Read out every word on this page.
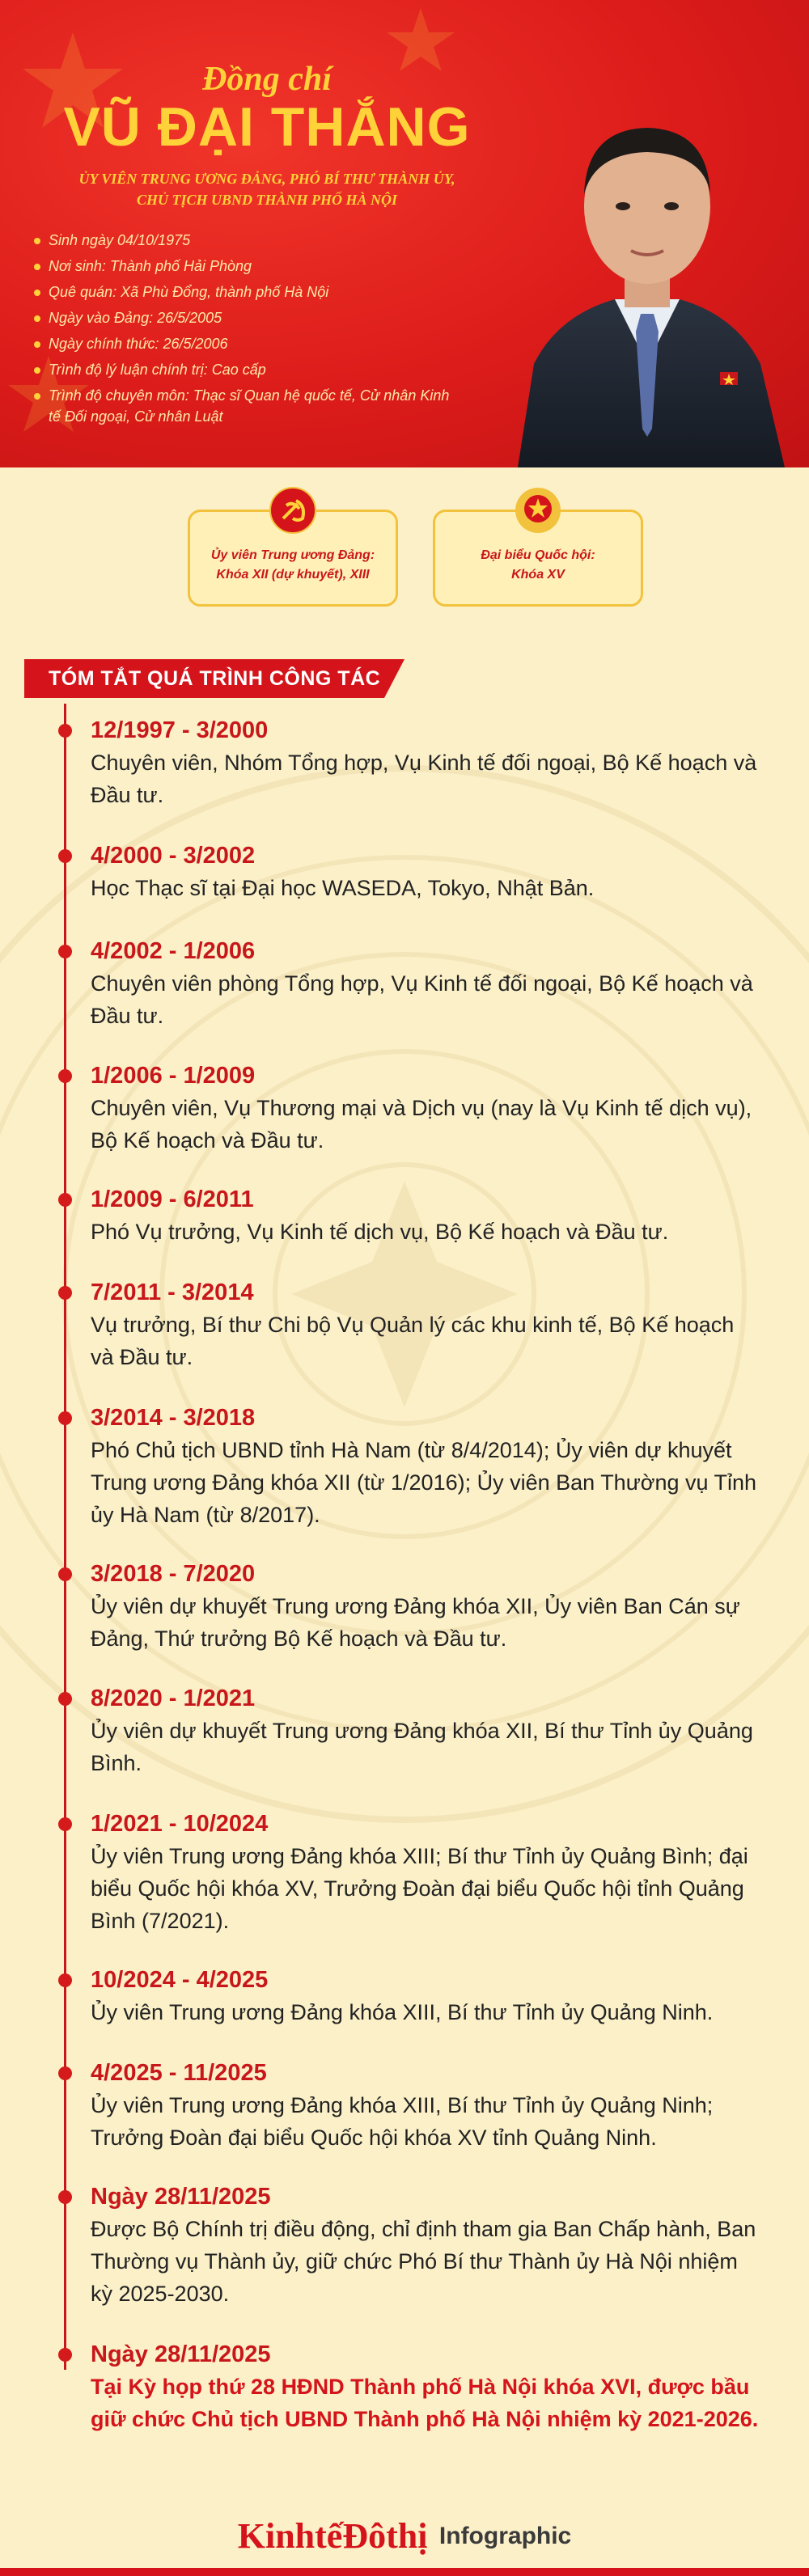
Đồng chí
VŨ ĐẠI THẮNG
ỦY VIÊN TRUNG ƯƠNG ĐẢNG, PHÓ BÍ THƯ THÀNH ỦY,
CHỦ TỊCH UBND THÀNH PHỐ HÀ NỘI
Sinh ngày 04/10/1975
Nơi sinh: Thành phố Hải Phòng
Quê quán: Xã Phù Đổng, thành phố Hà Nội
Ngày vào Đảng: 26/5/2005
Ngày chính thức: 26/5/2006
Trình độ lý luận chính trị: Cao cấp
Trình độ chuyên môn: Thạc sĩ Quan hệ quốc tế, Cử nhân Kinh tế Đối ngoại, Cử nhân Luật
Ủy viên Trung ương Đảng:
Khóa XII (dự khuyết), XIII
Đại biểu Quốc hội:
Khóa XV
TÓM TẮT QUÁ TRÌNH CÔNG TÁC
12/1997 - 3/2000
Chuyên viên, Nhóm Tổng hợp, Vụ Kinh tế đối ngoại, Bộ Kế hoạch và Đầu tư.
4/2000 - 3/2002
Học Thạc sĩ tại Đại học WASEDA, Tokyo, Nhật Bản.
4/2002 - 1/2006
Chuyên viên phòng Tổng hợp, Vụ Kinh tế đối ngoại, Bộ Kế hoạch và Đầu tư.
1/2006 - 1/2009
Chuyên viên, Vụ Thương mại và Dịch vụ (nay là Vụ Kinh tế dịch vụ), Bộ Kế hoạch và Đầu tư.
1/2009 - 6/2011
Phó Vụ trưởng, Vụ Kinh tế dịch vụ, Bộ Kế hoạch và Đầu tư.
7/2011 - 3/2014
Vụ trưởng, Bí thư Chi bộ Vụ Quản lý các khu kinh tế, Bộ Kế hoạch và Đầu tư.
3/2014 - 3/2018
Phó Chủ tịch UBND tỉnh Hà Nam (từ 8/4/2014); Ủy viên dự khuyết Trung ương Đảng khóa XII (từ 1/2016); Ủy viên Ban Thường vụ Tỉnh ủy Hà Nam (từ 8/2017).
3/2018 - 7/2020
Ủy viên dự khuyết Trung ương Đảng khóa XII, Ủy viên Ban Cán sự Đảng, Thứ trưởng Bộ Kế hoạch và Đầu tư.
8/2020 - 1/2021
Ủy viên dự khuyết Trung ương Đảng khóa XII, Bí thư Tỉnh ủy Quảng Bình.
1/2021 - 10/2024
Ủy viên Trung ương Đảng khóa XIII; Bí thư Tỉnh ủy Quảng Bình; đại biểu Quốc hội khóa XV, Trưởng Đoàn đại biểu Quốc hội tỉnh Quảng Bình (7/2021).
10/2024 - 4/2025
Ủy viên Trung ương Đảng khóa XIII, Bí thư Tỉnh ủy Quảng Ninh.
4/2025 - 11/2025
Ủy viên Trung ương Đảng khóa XIII, Bí thư Tỉnh ủy Quảng Ninh; Trưởng Đoàn đại biểu Quốc hội khóa XV tỉnh Quảng Ninh.
Ngày 28/11/2025
Được Bộ Chính trị điều động, chỉ định tham gia Ban Chấp hành, Ban Thường vụ Thành ủy, giữ chức Phó Bí thư Thành ủy Hà Nội nhiệm kỳ 2025-2030.
Ngày 28/11/2025
Tại Kỳ họp thứ 28 HĐND Thành phố Hà Nội khóa XVI, được bầu giữ chức Chủ tịch UBND Thành phố Hà Nội nhiệm kỳ 2021-2026.
KinhtếĐôthị Infographic
